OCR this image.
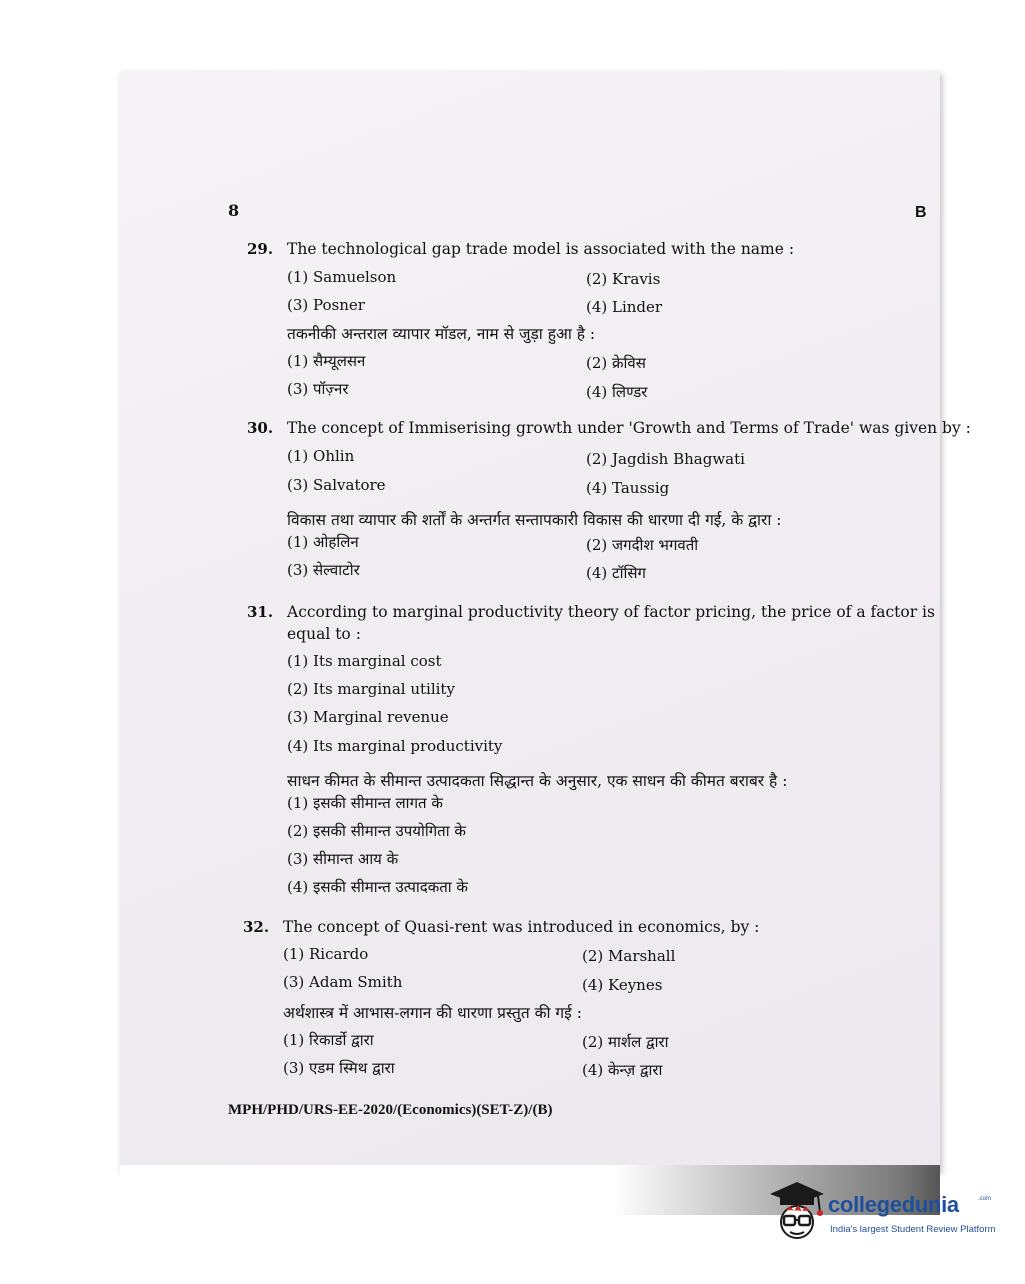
8	B
29. The technological gap trade model is associated with the name :
(1) Samuelson	(2) Kravis
(3) Posner	(4) Linder
तकनीकी अन्तराल व्यापार मॉडल, नाम से जुड़ा हुआ है :
(1) सैम्यूलसन	(2) क्रेविस
(3) पॉज़्नर	(4) लिण्डर
30. The concept of Immiserising growth under 'Growth and Terms of Trade' was given by :
(1) Ohlin	(2) Jagdish Bhagwati
(3) Salvatore	(4) Taussig
विकास तथा व्यापार की शर्तों के अन्तर्गत सन्तापकारी विकास की धारणा दी गई, के द्वारा :
(1) ओहलिन	(2) जगदीश भगवती
(3) सेल्वाटोर	(4) टॉसिग
31. According to marginal productivity theory of factor pricing, the price of a factor is
equal to :
(1) Its marginal cost
(2) Its marginal utility
(3) Marginal revenue
(4) Its marginal productivity
साधन कीमत के सीमान्त उत्पादकता सिद्धान्त के अनुसार, एक साधन की कीमत बराबर है :
(1) इसकी सीमान्त लागत के
(2) इसकी सीमान्त उपयोगिता के
(3) सीमान्त आय के
(4) इसकी सीमान्त उत्पादकता के
32. The concept of Quasi-rent was introduced in economics, by :
(1) Ricardo	(2) Marshall
(3) Adam Smith	(4) Keynes
अर्थशास्त्र में आभास-लगान की धारणा प्रस्तुत की गई :
(1) रिकार्डो द्वारा	(2) मार्शल द्वारा
(3) एडम स्मिथ द्वारा	(4) केन्ज़ द्वारा
MPH/PHD/URS-EE-2020/(Economics)(SET-Z)/(B)
collegedunia	.com
India's largest Student Review Platform
